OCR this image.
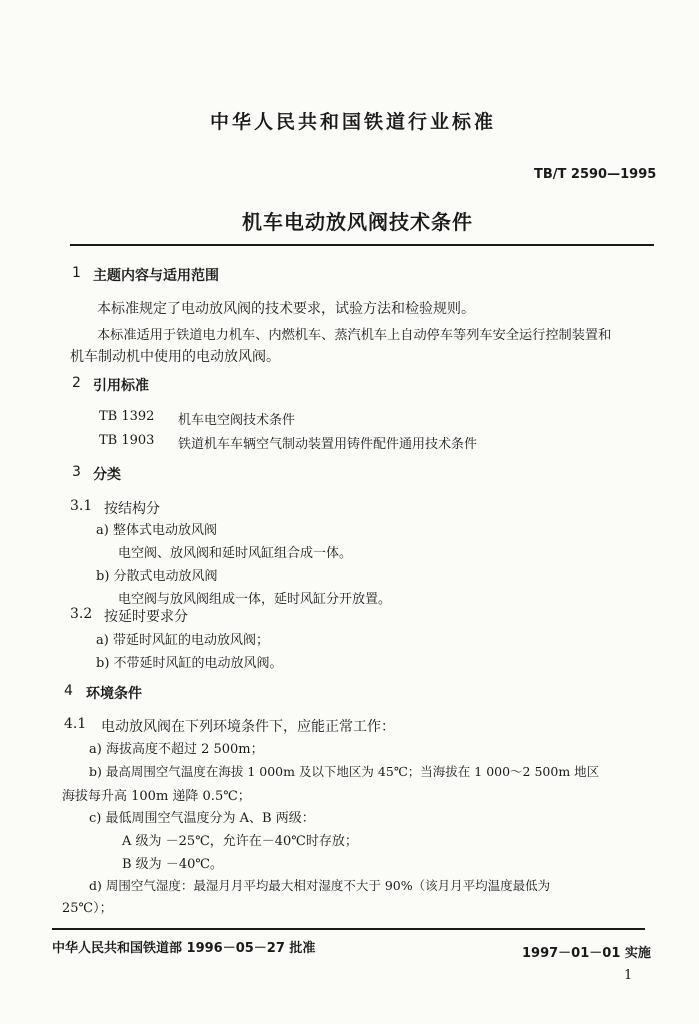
中华人民共和国铁道行业标准
TB/T 2590—1995
机车电动放风阀技术条件
1 主题内容与适用范围
本标准规定了电动放风阀的技术要求，试验方法和检验规则。
本标准适用于铁道电力机车、内燃机车、蒸汽机车上自动停车等列车安全运行控制装置和
机车制动机中使用的电动放风阀。
2 引用标准
TB 1392 机车电空阀技术条件
TB 1903 铁道机车车辆空气制动装置用铸件配件通用技术条件
3 分类
3.1 按结构分
a) 整体式电动放风阀
电空阀、放风阀和延时风缸组合成一体。
b) 分散式电动放风阀
电空阀与放风阀组成一体，延时风缸分开放置。
3.2 按延时要求分
a) 带延时风缸的电动放风阀；
b) 不带延时风缸的电动放风阀。
4 环境条件
4.1 电动放风阀在下列环境条件下，应能正常工作：
a) 海拔高度不超过 2 500m；
b) 最高周围空气温度在海拔 1 000m 及以下地区为 45℃；当海拔在 1 000～2 500m 地区
海拔每升高 100m 递降 0.5℃；
c) 最低周围空气温度分为 A、B 两级：
A 级为 －25℃，允许在－40℃时存放；
B 级为 －40℃。
d) 周围空气湿度：最湿月月平均最大相对湿度不大于 90%（该月月平均温度最低为
25℃）；
中华人民共和国铁道部 1996－05－27 批准	1997－01－01 实施
1
